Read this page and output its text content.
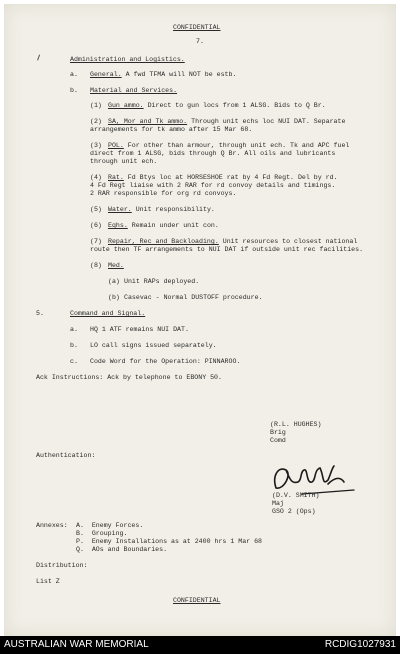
CONFIDENTIAL
7.
Administration and Logistics.
a. General. A fwd TFMA will NOT be estb.
b. Material and Services.
(1) Gun ammo. Direct to gun locs from 1 ALSG. Bids to Q Br.
(2) SA, Mor and Tk ammo. Through unit echs loc NUI DAT. Separate
arrangements for tk ammo after 15 Mar 68.
(3) POL. For other than armour, through unit ech. Tk and APC fuel
direct from 1 ALSG, bids through Q Br. All oils and lubricants
through unit ech.
(4) Rat. Fd Btys loc at HORSESHOE rat by 4 Fd Regt. Del by rd.
4 Fd Regt liaise with 2 RAR for rd convoy details and timings.
2 RAR responsible for org rd convoys.
(5) Water. Unit responsibility.
(6) Eqhs. Remain under unit con.
(7) Repair, Rec and Backloading. Unit resources to closest national
route then TF arrangements to NUI DAT if outside unit rec facilities.
(8) Med.
(a) Unit RAPs deployed.
(b) Casevac - Normal DUSTOFF procedure.
5.	Command and Signal.
a. HQ 1 ATF remains NUI DAT.
b. LO call signs issued separately.
c. Code Word for the Operation: PINNAROO.
Ack Instructions: Ack by telephone to EBONY 50.
(R.L. HUGHES)
Brig
Comd
Authentication:
(D.V. SMITH)
Maj
GSO 2 (Ops)
Annexes: A. Enemy Forces.
B. Grouping.
P. Enemy Installations as at 2400 hrs 1 Mar 68
Q. AOs and Boundaries.
Distribution:
List Z
CONFIDENTIAL
AUSTRALIAN WAR MEMORIAL	RCDIG1027931
